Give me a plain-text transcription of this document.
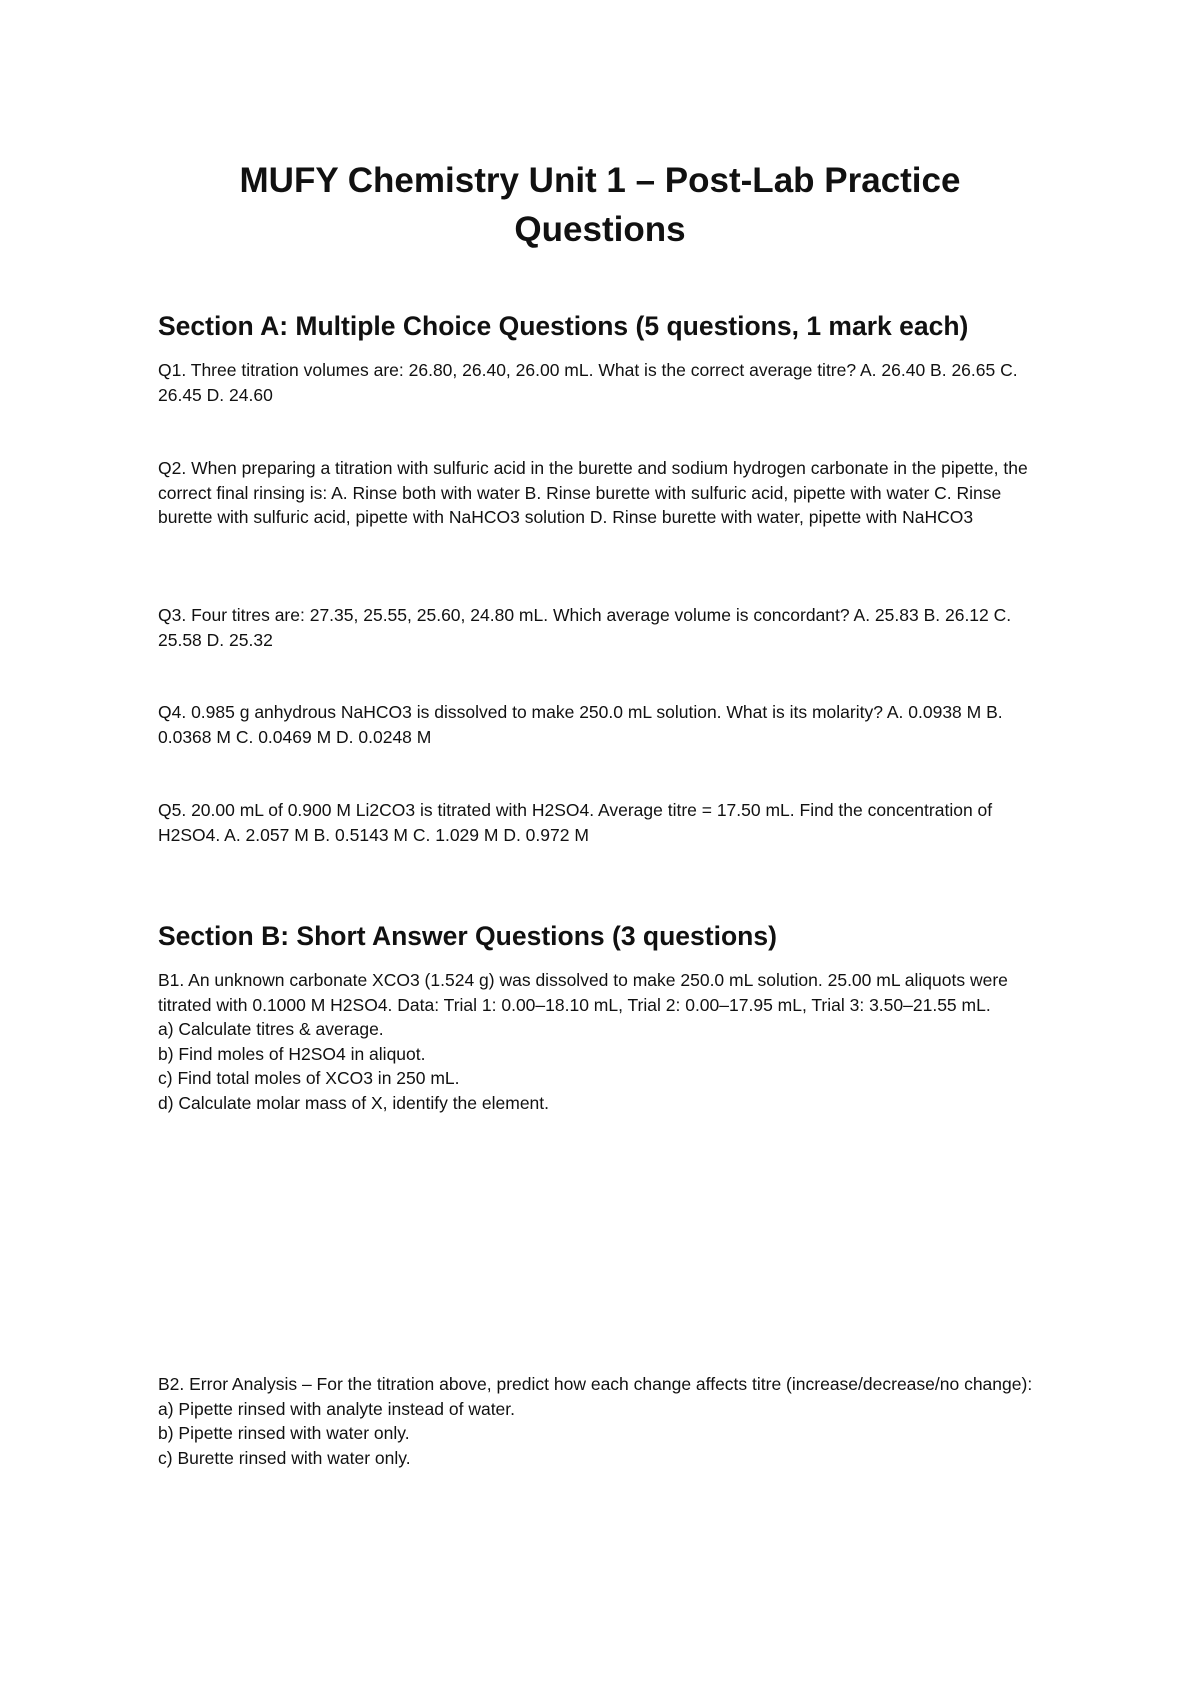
MUFY Chemistry Unit 1 – Post-Lab Practice Questions
Section A: Multiple Choice Questions (5 questions, 1 mark each)

Q1. Three titration volumes are: 26.80, 26.40, 26.00 mL. What is the correct average titre? A. 26.40 B. 26.65 C. 26.45 D. 24.60

Q2. When preparing a titration with sulfuric acid in the burette and sodium hydrogen carbonate in the pipette, the correct final rinsing is: A. Rinse both with water B. Rinse burette with sulfuric acid, pipette with water C. Rinse burette with sulfuric acid, pipette with NaHCO3 solution D. Rinse burette with water, pipette with NaHCO3

Q3. Four titres are: 27.35, 25.55, 25.60, 24.80 mL. Which average volume is concordant? A. 25.83 B. 26.12 C. 25.58 D. 25.32

Q4. 0.985 g anhydrous NaHCO3 is dissolved to make 250.0 mL solution. What is its molarity? A. 0.0938 M B. 0.0368 M C. 0.0469 M D. 0.0248 M

Q5. 20.00 mL of 0.900 M Li2CO3 is titrated with H2SO4. Average titre = 17.50 mL. Find the concentration of H2SO4. A. 2.057 M B. 0.5143 M C. 1.029 M D. 0.972 M

Section B: Short Answer Questions (3 questions)
B1. An unknown carbonate XCO3 (1.524 g) was dissolved to make 250.0 mL solution. 25.00 mL aliquots were titrated with 0.1000 M H2SO4. Data: Trial 1: 0.00–18.10 mL, Trial 2: 0.00–17.95 mL, Trial 3: 3.50–21.55 mL.
a) Calculate titres & average.
b) Find moles of H2SO4 in aliquot.
c) Find total moles of XCO3 in 250 mL.
d) Calculate molar mass of X, identify the element.
B2. Error Analysis – For the titration above, predict how each change affects titre (increase/decrease/no change):
a) Pipette rinsed with analyte instead of water.
b) Pipette rinsed with water only.
c) Burette rinsed with water only.
